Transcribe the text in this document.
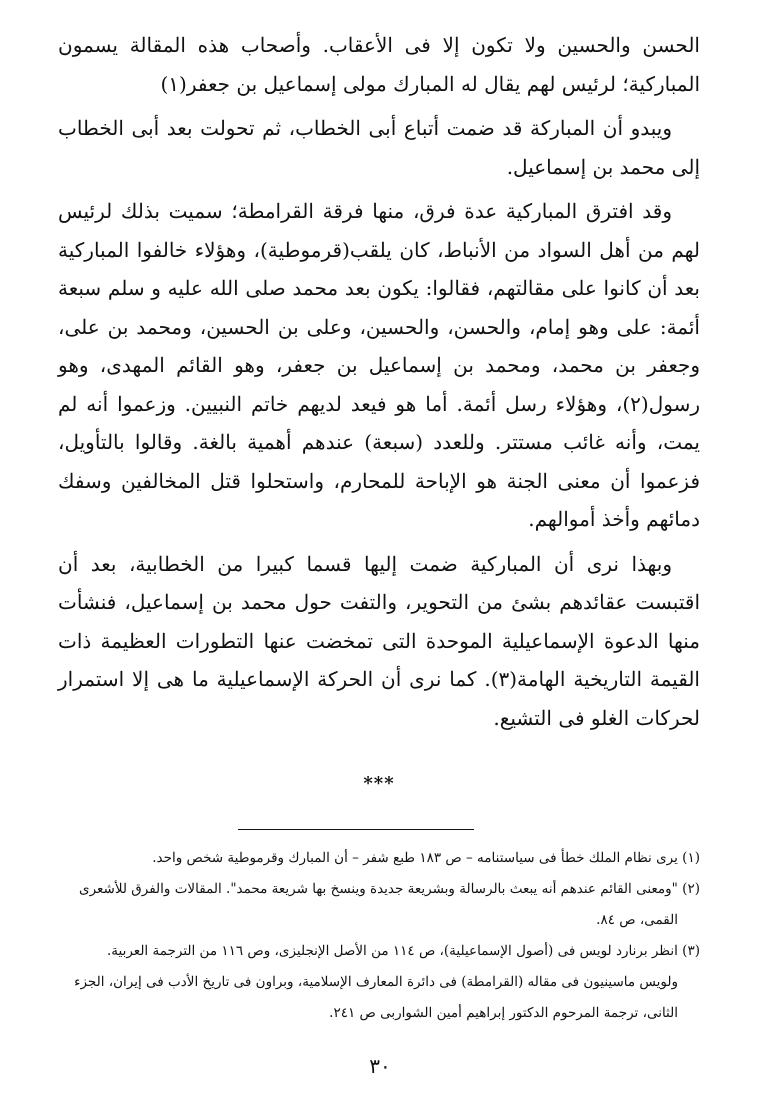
الحسن والحسين ولا تكون إلا فى الأعقاب. وأصحاب هذه المقالة يسمون المباركية؛ لرئيس لهم يقال له المبارك مولى إسماعيل بن جعفر(١)

ويبدو أن المباركة قد ضمت أتباع أبى الخطاب، ثم تحولت بعد أبى الخطاب إلى محمد بن إسماعيل.

وقد افترق المباركية عدة فرق، منها فرقة القرامطة؛ سميت بذلك لرئيس لهم من أهل السواد من الأنباط، كان يلقب(قرموطية)، وهؤلاء خالفوا المباركية بعد أن كانوا على مقالتهم، فقالوا: يكون بعد محمد صلى الله عليه و سلم سبعة أئمة: على وهو إمام، والحسن، والحسين، وعلى بن الحسين، ومحمد بن على، وجعفر بن محمد، ومحمد بن إسماعيل بن جعفر، وهو القائم المهدى، وهو رسول(٢)، وهؤلاء رسل أئمة. أما هو فيعد لديهم خاتم النبيين. وزعموا أنه لم يمت، وأنه غائب مستتر. وللعدد (سبعة) عندهم أهمية بالغة. وقالوا بالتأويل، فزعموا أن معنى الجنة هو الإباحة للمحارم، واستحلوا قتل المخالفين وسفك دمائهم وأخذ أموالهم.

وبهذا نرى أن المباركية ضمت إليها قسما كبيرا من الخطابية، بعد أن اقتبست عقائدهم بشئ من التحوير، والتفت حول محمد بن إسماعيل، فنشأت منها الدعوة الإسماعيلية الموحدة التى تمخضت عنها التطورات العظيمة ذات القيمة التاريخية الهامة(٣). كما نرى أن الحركة الإسماعيلية ما هى إلا استمرار لحركات الغلو فى التشيع.

***

(١) يرى نظام الملك خطأ فى سياستنامه – ص ١٨٣ طبع شفر – أن المبارك وقرموطية شخص واحد.

(٢) "ومعنى القائم عندهم أنه يبعث بالرسالة وبشريعة جديدة وينسخ بها شريعة محمد". المقالات والفرق للأشعرى

القمى، ص ٨٤.

(٣) انظر برنارد لويس فى (أصول الإسماعيلية)، ص ١١٤ من الأصل الإنجليزى، وص ١١٦ من الترجمة العربية.

ولويس ماسينيون فى مقاله (القرامطة) فى دائرة المعارف الإسلامية، وبراون فى تاريخ الأدب فى إيران، الجزء

الثانى، ترجمة المرحوم الدكتور إبراهيم أمين الشواربى ص ٢٤١.

٣٠
